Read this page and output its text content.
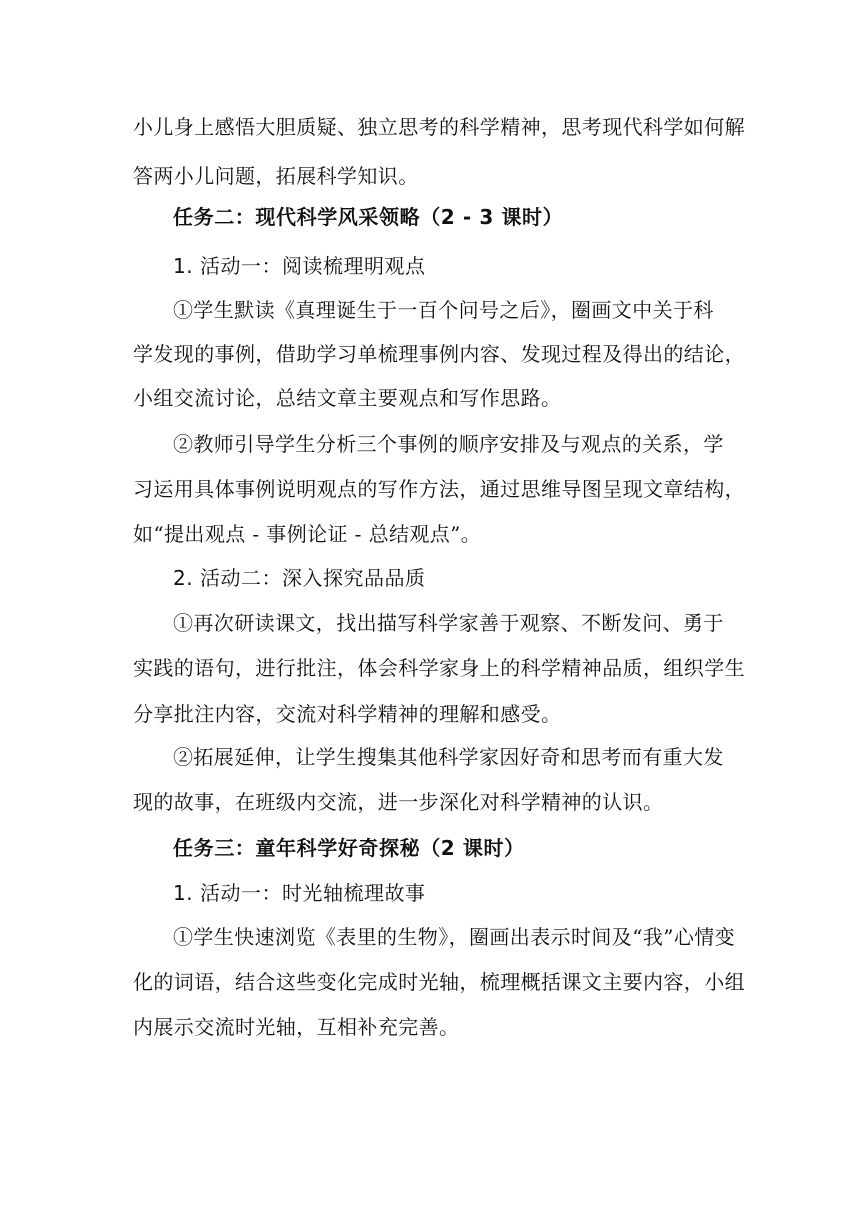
小儿身上感悟大胆质疑、独立思考的科学精神，思考现代科学如何解
答两小儿问题，拓展科学知识。
任务二：现代科学风采领略（2 - 3 课时）
1. 活动一：阅读梳理明观点
①学生默读《真理诞生于一百个问号之后》，圈画文中关于科
学发现的事例，借助学习单梳理事例内容、发现过程及得出的结论，
小组交流讨论，总结文章主要观点和写作思路。
②教师引导学生分析三个事例的顺序安排及与观点的关系，学
习运用具体事例说明观点的写作方法，通过思维导图呈现文章结构，
如“提出观点 - 事例论证 - 总结观点”。
2. 活动二：深入探究品品质
①再次研读课文，找出描写科学家善于观察、不断发问、勇于
实践的语句，进行批注，体会科学家身上的科学精神品质，组织学生
分享批注内容，交流对科学精神的理解和感受。
②拓展延伸，让学生搜集其他科学家因好奇和思考而有重大发
现的故事，在班级内交流，进一步深化对科学精神的认识。
任务三：童年科学好奇探秘（2 课时）
1. 活动一：时光轴梳理故事
①学生快速浏览《表里的生物》，圈画出表示时间及“我”心情变
化的词语，结合这些变化完成时光轴，梳理概括课文主要内容，小组
内展示交流时光轴，互相补充完善。
